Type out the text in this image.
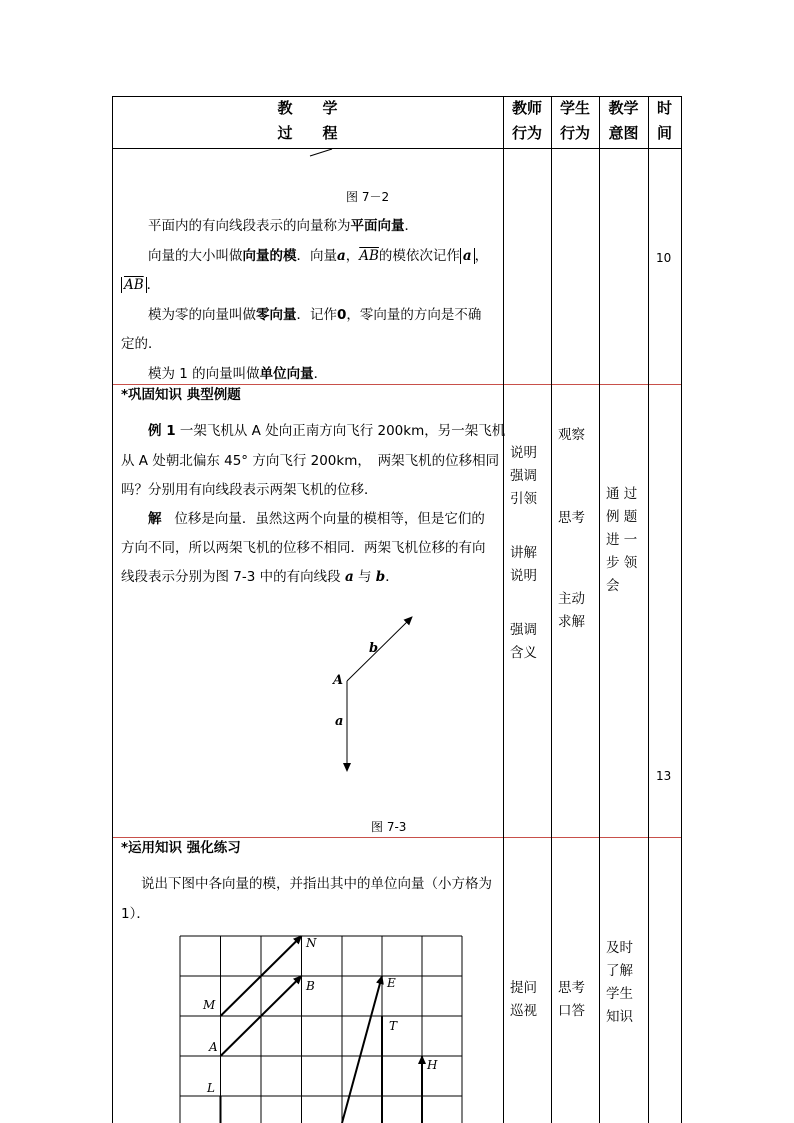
教　　学
过　　程
教师
行为
学生
行为
教学
意图
时
间
图 7－2
平面内的有向线段表示的向量称为平面向量．
向量的大小叫做向量的模．向量a，$\overline{AB}$的模依次记作 a ，
$\overline{AB}$ ．
模为零的向量叫做零向量．记作0，零向量的方向是不确
定的．
模为 1 的向量叫做单位向量．
10
*巩固知识 典型例题
例 1 一架飞机从 A 处向正南方向飞行 200km，另一架飞机
从 A 处朝北偏东 45° 方向飞行 200km，　两架飞机的位移相同
吗？分别用有向线段表示两架飞机的位移．
解 位移是向量．虽然这两个向量的模相等，但是它们的
方向不同，所以两架飞机的位移不相同．两架飞机位移的有向
线段表示分别为图 7-3 中的有向线段 a 与 b．
A
b
a
图 7-3
说明
强调
引领
讲解
说明
强调
含义
观察
思考
主动
求解
通 过
例 题
进 一
步 领
会
13
*运用知识 强化练习
说出下图中各向量的模，并指出其中的单位向量（小方格为
1）．
N
M
B
A
E
T
H
L
提问
巡视
思考
口答
及时
了解
学生
知识
